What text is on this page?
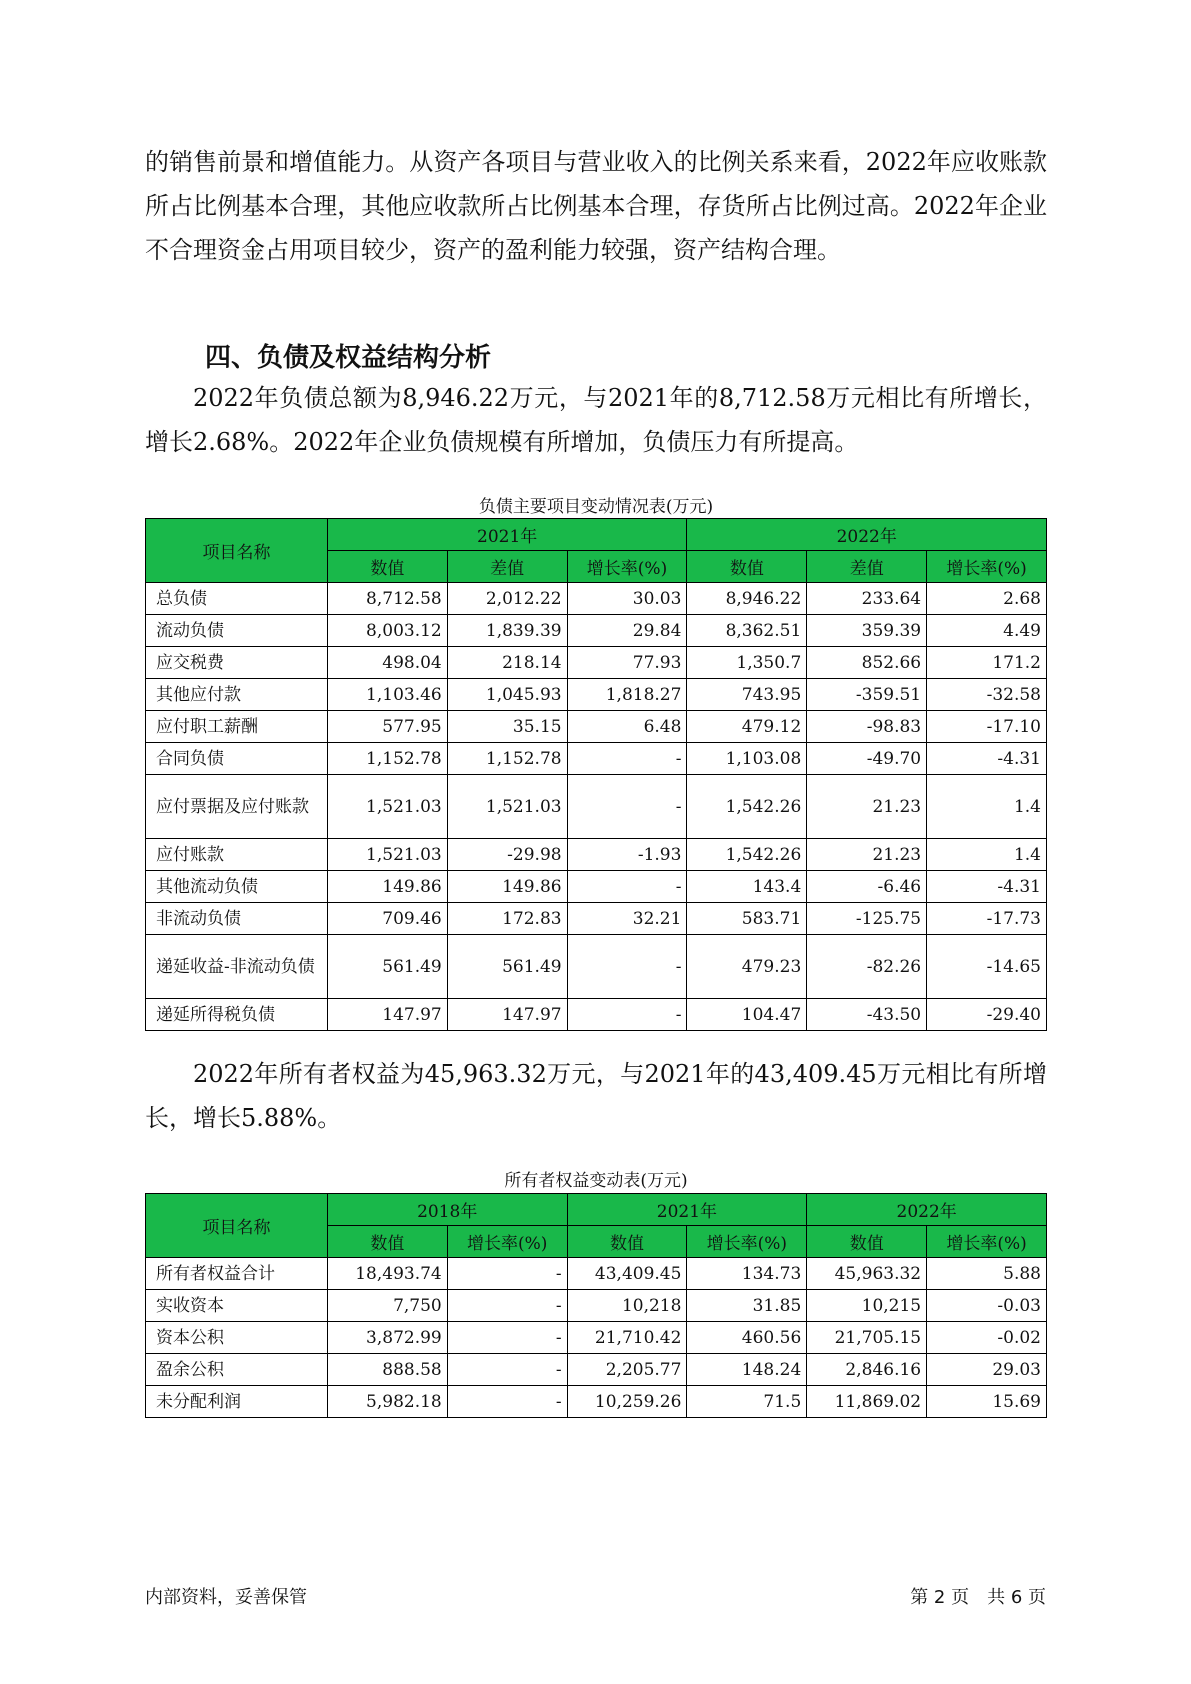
的销售前景和增值能力。从资产各项目与营业收入的比例关系来看，2022年应收账款所占比例基本合理，其他应收款所占比例基本合理，存货所占比例过高。2022年企业不合理资金占用项目较少，资产的盈利能力较强，资产结构合理。

四、负债及权益结构分析

2022年负债总额为8,946.22万元，与2021年的8,712.58万元相比有所增长，增长2.68%。2022年企业负债规模有所增加，负债压力有所提高。

负债主要项目变动情况表(万元)
项目名称	2021年			2022年		
	数值	差值	增长率(%)	数值	差值	增长率(%)
总负债	8,712.58	2,012.22	30.03	8,946.22	233.64	2.68
流动负债	8,003.12	1,839.39	29.84	8,362.51	359.39	4.49
应交税费	498.04	218.14	77.93	1,350.7	852.66	171.2
其他应付款	1,103.46	1,045.93	1,818.27	743.95	-359.51	-32.58
应付职工薪酬	577.95	35.15	6.48	479.12	-98.83	-17.10
合同负债	1,152.78	1,152.78	-	1,103.08	-49.70	-4.31
应付票据及应付账款	1,521.03	1,521.03	-	1,542.26	21.23	1.4
应付账款	1,521.03	-29.98	-1.93	1,542.26	21.23	1.4
其他流动负债	149.86	149.86	-	143.4	-6.46	-4.31
非流动负债	709.46	172.83	32.21	583.71	-125.75	-17.73
递延收益-非流动负债	561.49	561.49	-	479.23	-82.26	-14.65
递延所得税负债	147.97	147.97	-	104.47	-43.50	-29.40

2022年所有者权益为45,963.32万元，与2021年的43,409.45万元相比有所增长，增长5.88%。

所有者权益变动表(万元)
项目名称	2018年		2021年		2022年	
	数值	增长率(%)	数值	增长率(%)	数值	增长率(%)
所有者权益合计	18,493.74	-	43,409.45	134.73	45,963.32	5.88
实收资本	7,750	-	10,218	31.85	10,215	-0.03
资本公积	3,872.99	-	21,710.42	460.56	21,705.15	-0.02
盈余公积	888.58	-	2,205.77	148.24	2,846.16	29.03
未分配利润	5,982.18	-	10,259.26	71.5	11,869.02	15.69
内部资料，妥善保管	第 2 页　共 6 页
